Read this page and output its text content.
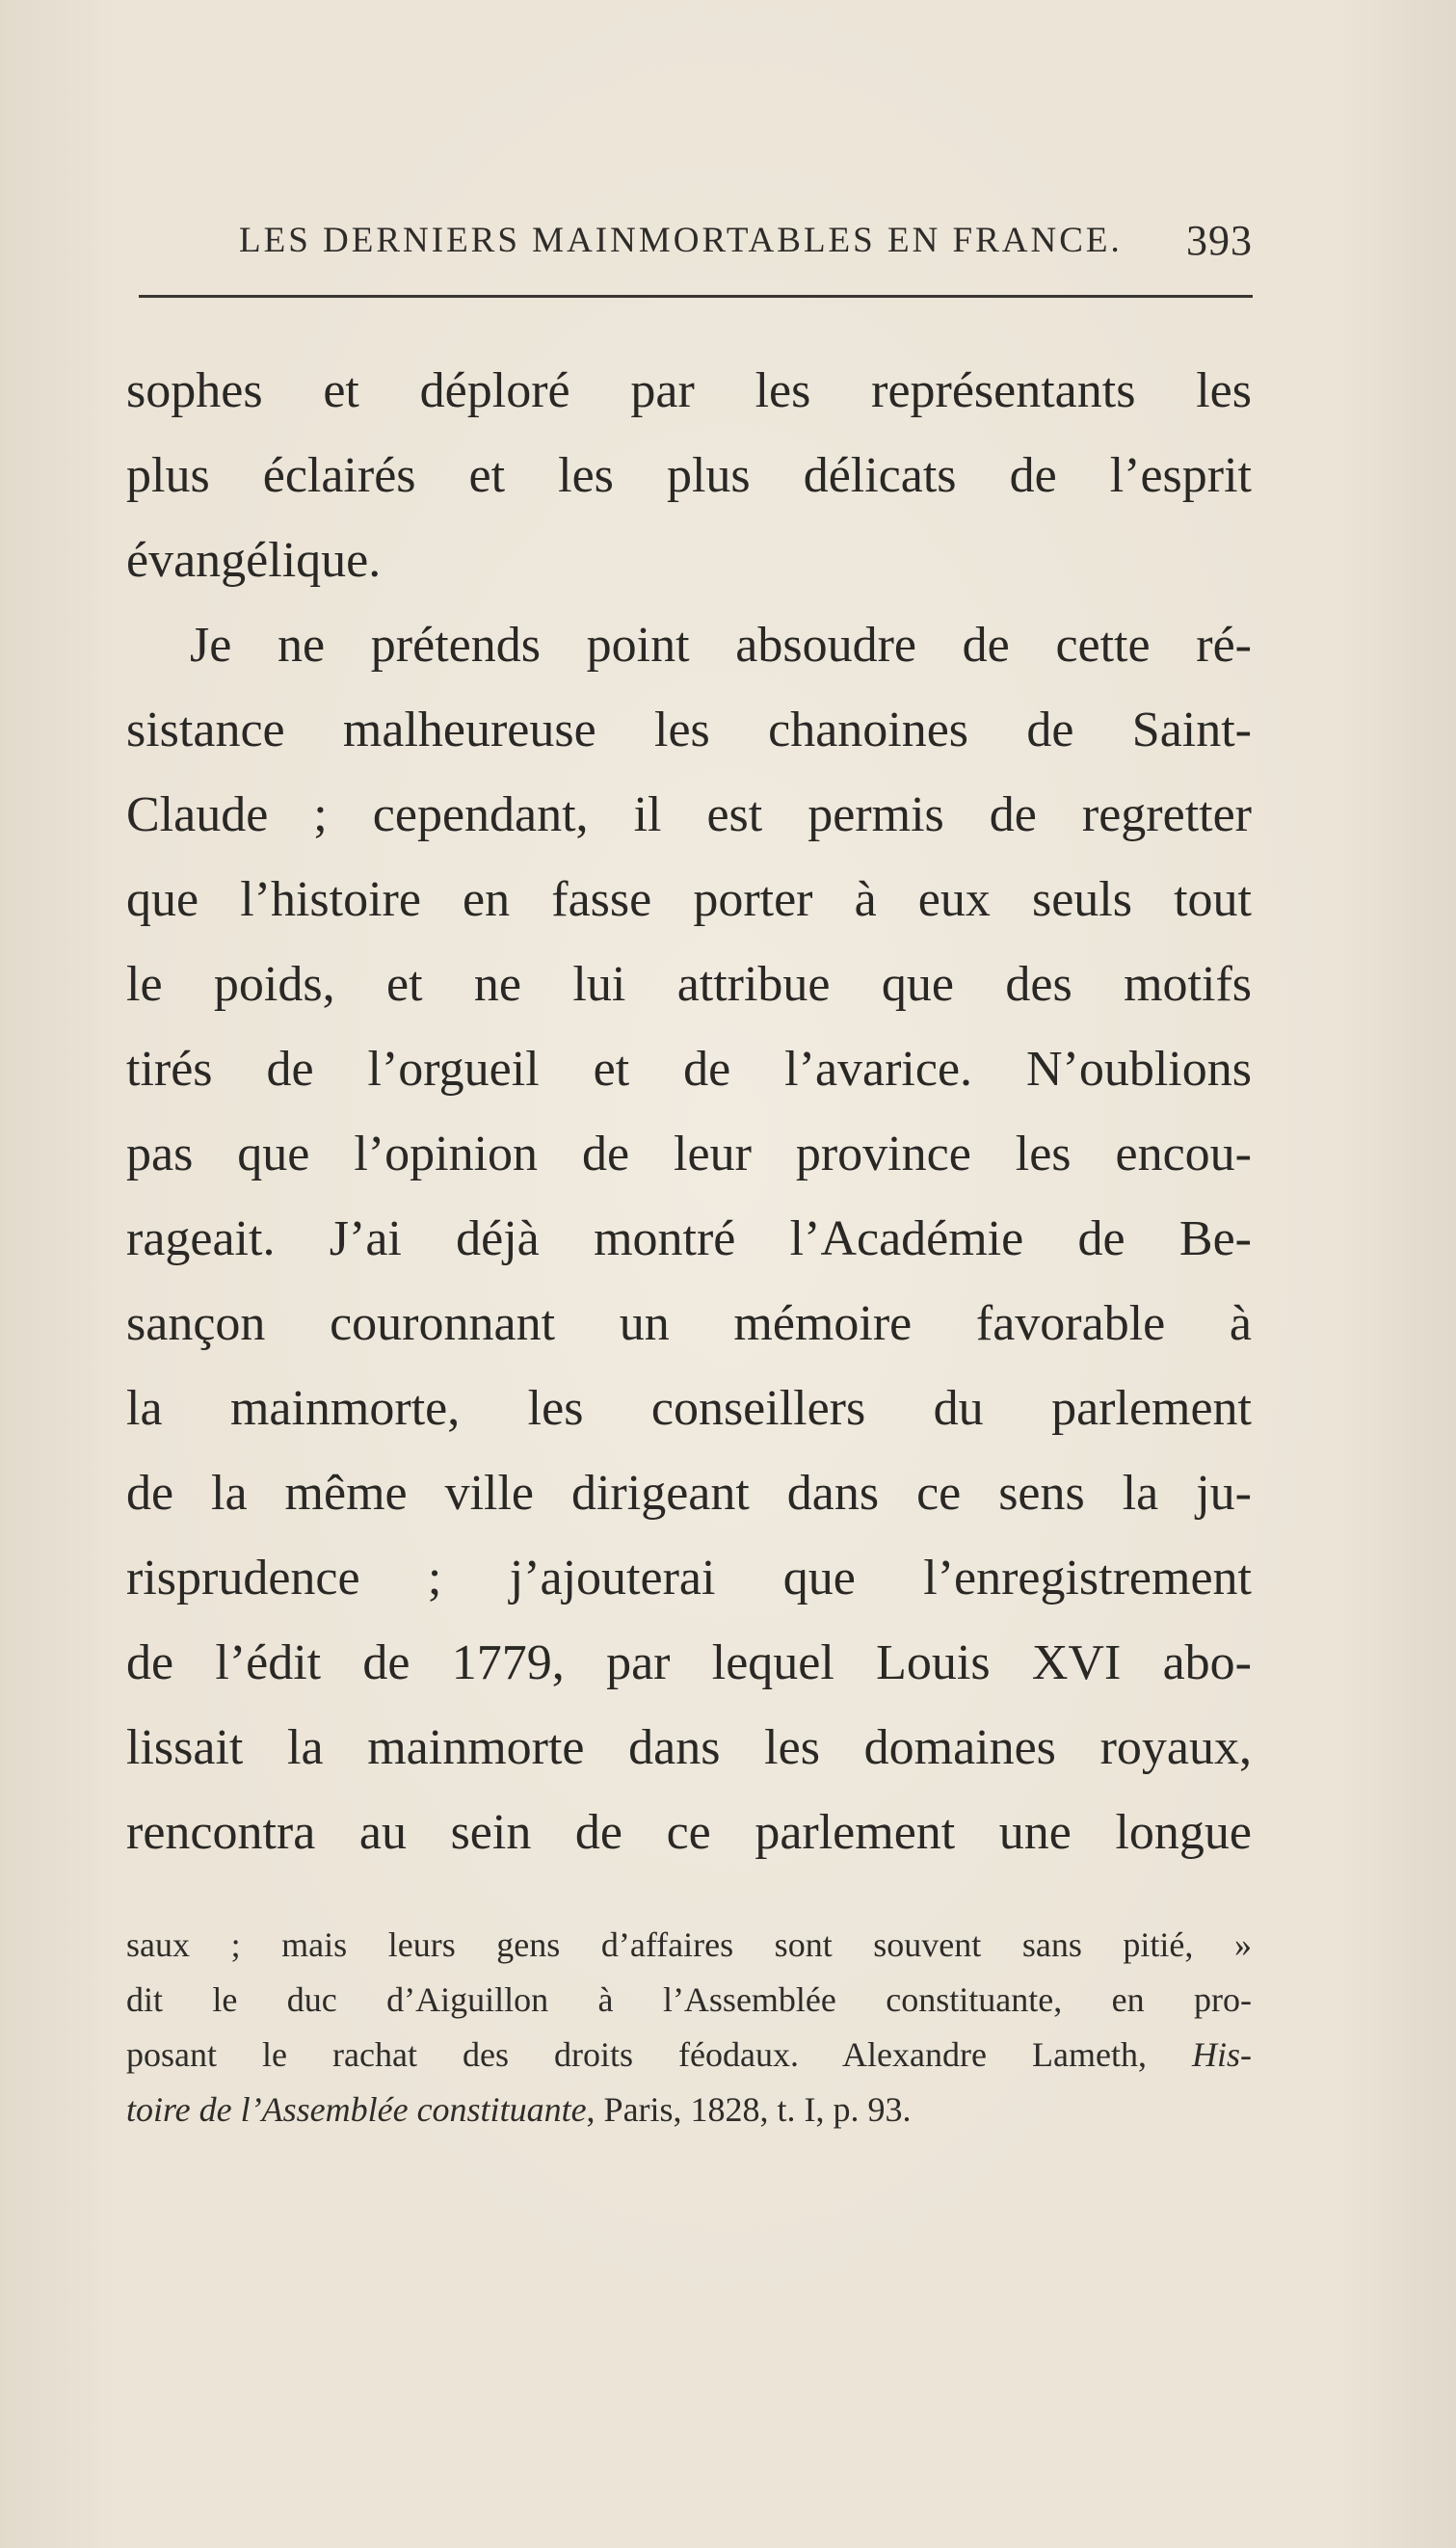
LES DERNIERS MAINMORTABLES EN FRANCE. 393
sophes et déploré par les représentants les
plus éclairés et les plus délicats de l’esprit
évangélique.
Je ne prétends point absoudre de cette ré-
sistance malheureuse les chanoines de Saint-
Claude ; cependant, il est permis de regretter
que l’histoire en fasse porter à eux seuls tout
le poids, et ne lui attribue que des motifs
tirés de l’orgueil et de l’avarice. N’oublions
pas que l’opinion de leur province les encou-
rageait. J’ai déjà montré l’Académie de Be-
sançon couronnant un mémoire favorable à
la mainmorte, les conseillers du parlement
de la même ville dirigeant dans ce sens la ju-
risprudence ; j’ajouterai que l’enregistrement
de l’édit de 1779, par lequel Louis XVI abo-
lissait la mainmorte dans les domaines royaux,
rencontra au sein de ce parlement une longue
saux ; mais leurs gens d’affaires sont souvent sans pitié, »
dit le duc d’Aiguillon à l’Assemblée constituante, en pro-
posant le rachat des droits féodaux. Alexandre Lameth, His-
toire de l’Assemblée constituante, Paris, 1828, t. I, p. 93.
